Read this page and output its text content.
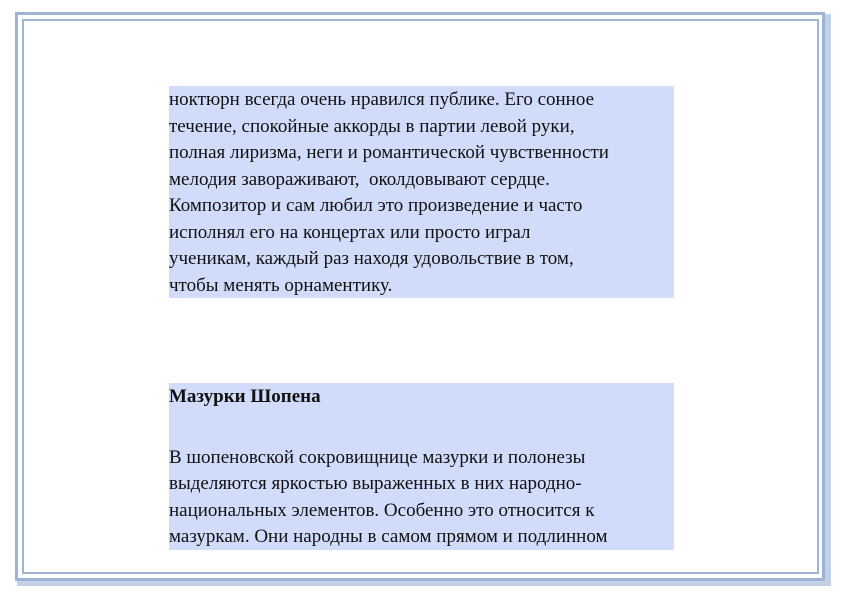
ноктюрн всегда очень нравился публике. Его сонное

течение, спокойные аккорды в партии левой руки,

полная лиризма, неги и романтической чувственности

мелодия завораживают,  околдовывают сердце.

Композитор и сам любил это произведение и часто

исполнял его на концертах или просто играл

ученикам, каждый раз находя удовольствие в том,

чтобы менять орнаментику.

Мазурки Шопена

В шопеновской сокровищнице мазурки и полонезы

выделяются яркостью выраженных в них народно-

национальных элементов. Особенно это относится к

мазуркам. Они народны в самом прямом и подлинном
